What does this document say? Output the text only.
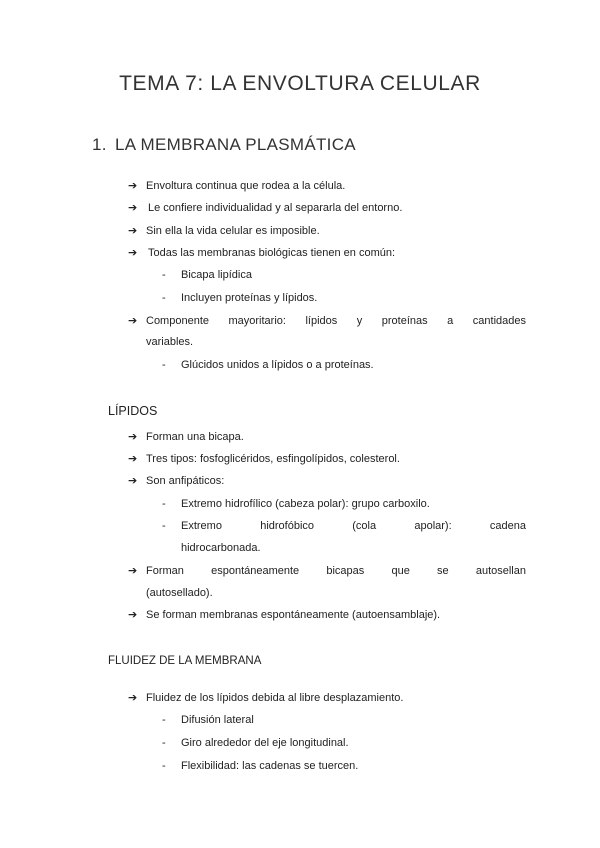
TEMA 7: LA ENVOLTURA CELULAR
1. LA MEMBRANA PLASMÁTICA
➔ Envoltura continua que rodea a la célula.
➔ Le confiere individualidad y al separarla del entorno.
➔ Sin ella la vida celular es imposible.
➔ Todas las membranas biológicas tienen en común:
- Bicapa lipídica
- Incluyen proteínas y lípidos.
➔ Componente mayoritario: lípidos y proteínas a cantidades
variables.
- Glúcidos unidos a lípidos o a proteínas.
LÍPIDOS
➔ Forman una bicapa.
➔ Tres tipos: fosfoglicéridos, esfingolípidos, colesterol.
➔ Son anfipáticos:
- Extremo hidrofílico (cabeza polar): grupo carboxilo.
- Extremo hidrofóbico (cola apolar): cadena
hidrocarbonada.
➔ Forman espontáneamente bicapas que se autosellan
(autosellado).
➔ Se forman membranas espontáneamente (autoensamblaje).
FLUIDEZ DE LA MEMBRANA
➔ Fluidez de los lípidos debida al libre desplazamiento.
- Difusión lateral
- Giro alrededor del eje longitudinal.
- Flexibilidad: las cadenas se tuercen.
